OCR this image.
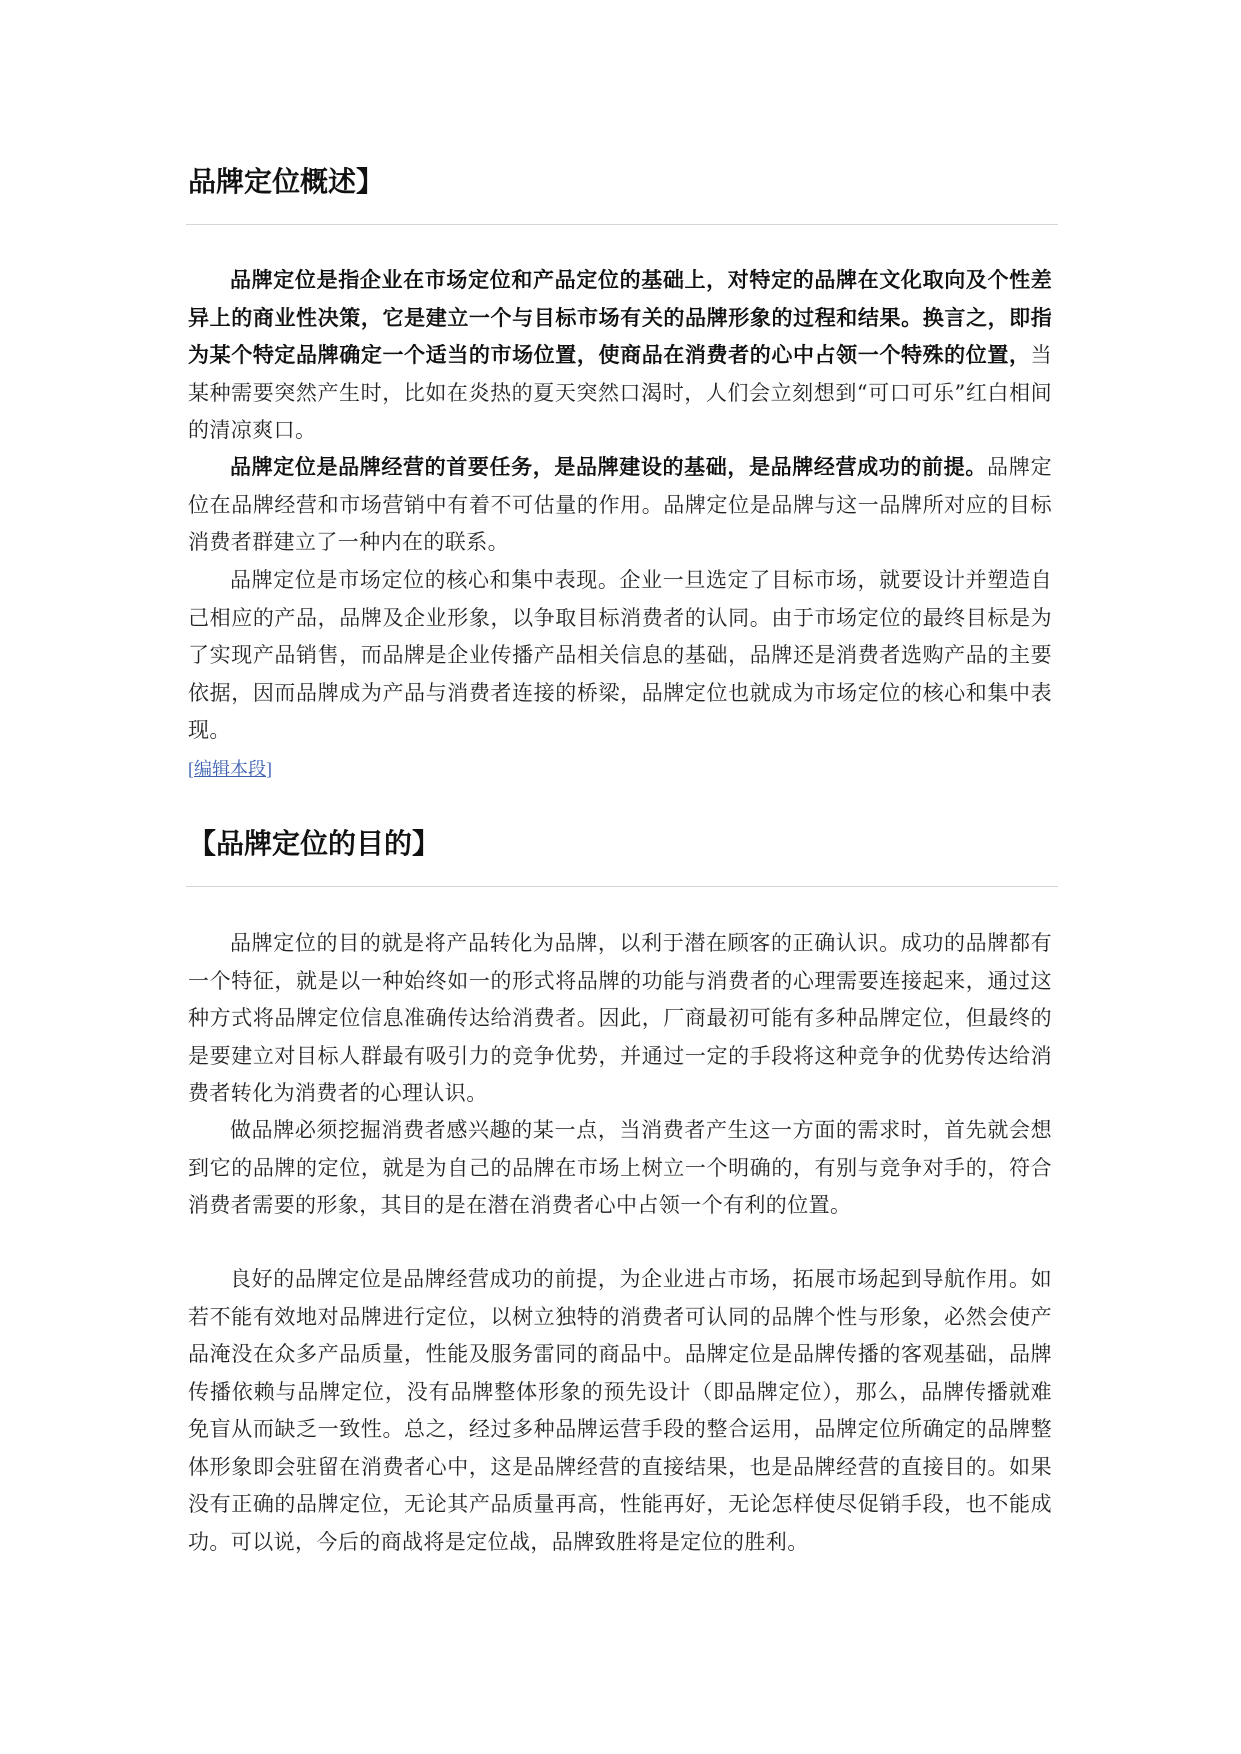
品牌定位概述】

品牌定位是指企业在市场定位和产品定位的基础上，对特定的品牌在文化取向及个性差异上的商业性决策，它是建立一个与目标市场有关的品牌形象的过程和结果。换言之，即指为某个特定品牌确定一个适当的市场位置，使商品在消费者的心中占领一个特殊的位置，当某种需要突然产生时，比如在炎热的夏天突然口渴时，人们会立刻想到“可口可乐”红白相间的清凉爽口。

品牌定位是品牌经营的首要任务，是品牌建设的基础，是品牌经营成功的前提。品牌定位在品牌经营和市场营销中有着不可估量的作用。品牌定位是品牌与这一品牌所对应的目标消费者群建立了一种内在的联系。

品牌定位是市场定位的核心和集中表现。企业一旦选定了目标市场，就要设计并塑造自己相应的产品，品牌及企业形象，以争取目标消费者的认同。由于市场定位的最终目标是为了实现产品销售，而品牌是企业传播产品相关信息的基础，品牌还是消费者选购产品的主要依据，因而品牌成为产品与消费者连接的桥梁，品牌定位也就成为市场定位的核心和集中表现。

[编辑本段]
【品牌定位的目的】

品牌定位的目的就是将产品转化为品牌，以利于潜在顾客的正确认识。成功的品牌都有一个特征，就是以一种始终如一的形式将品牌的功能与消费者的心理需要连接起来，通过这种方式将品牌定位信息准确传达给消费者。因此，厂商最初可能有多种品牌定位，但最终的是要建立对目标人群最有吸引力的竞争优势，并通过一定的手段将这种竞争的优势传达给消费者转化为消费者的心理认识。

做品牌必须挖掘消费者感兴趣的某一点，当消费者产生这一方面的需求时，首先就会想到它的品牌的定位，就是为自己的品牌在市场上树立一个明确的，有别与竞争对手的，符合消费者需要的形象，其目的是在潜在消费者心中占领一个有利的位置。

良好的品牌定位是品牌经营成功的前提，为企业进占市场，拓展市场起到导航作用。如若不能有效地对品牌进行定位，以树立独特的消费者可认同的品牌个性与形象，必然会使产品淹没在众多产品质量，性能及服务雷同的商品中。品牌定位是品牌传播的客观基础，品牌传播依赖与品牌定位，没有品牌整体形象的预先设计（即品牌定位），那么，品牌传播就难免盲从而缺乏一致性。总之，经过多种品牌运营手段的整合运用，品牌定位所确定的品牌整体形象即会驻留在消费者心中，这是品牌经营的直接结果，也是品牌经营的直接目的。如果没有正确的品牌定位，无论其产品质量再高，性能再好，无论怎样使尽促销手段，也不能成功。可以说，今后的商战将是定位战，品牌致胜将是定位的胜利。
